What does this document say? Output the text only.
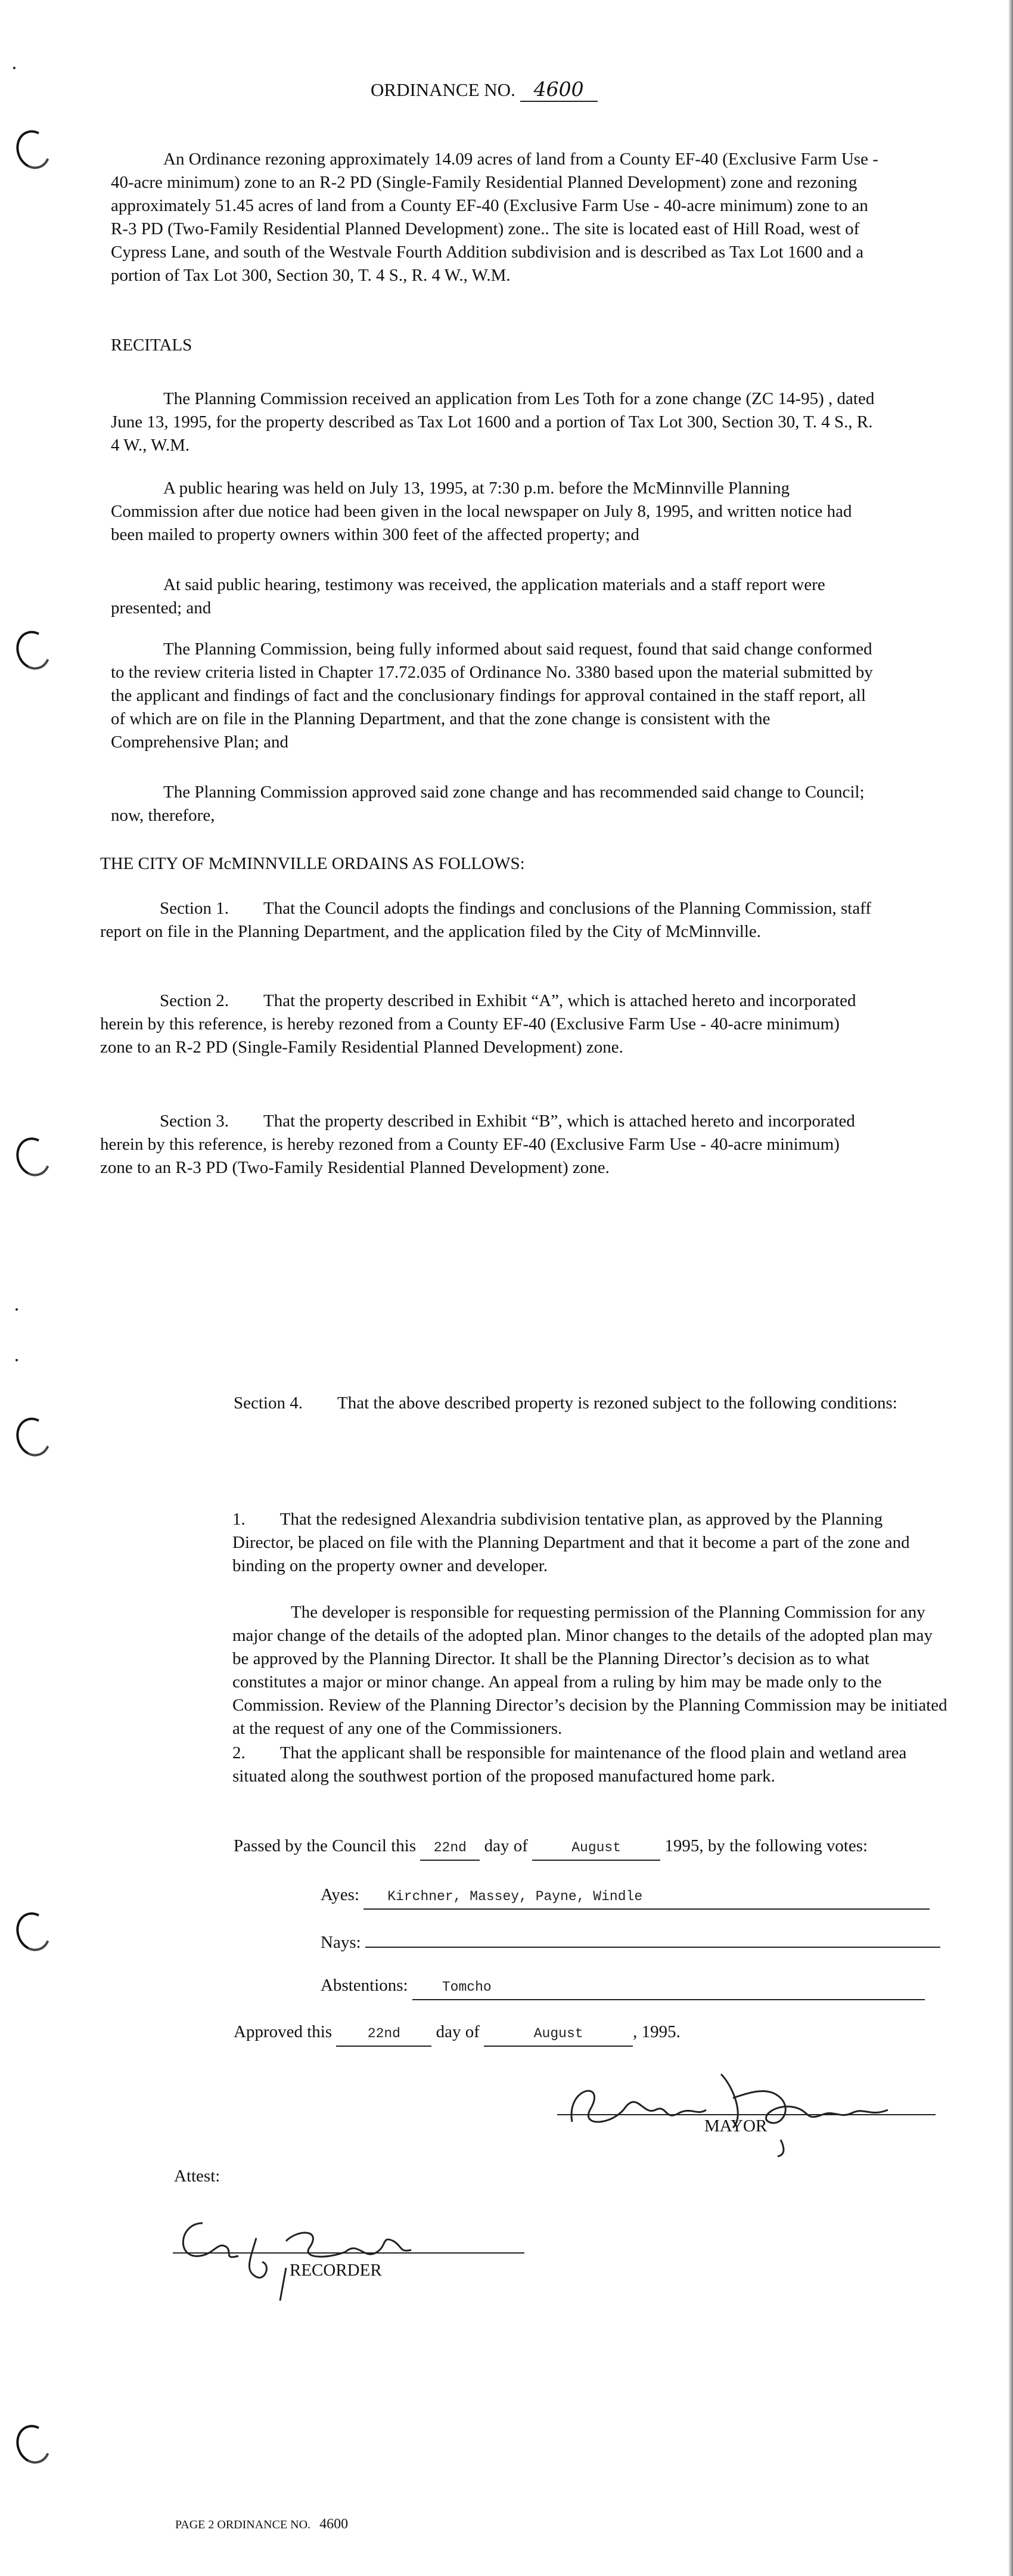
ORDINANCE NO. 4600

An Ordinance rezoning approximately 14.09 acres of land from a County EF-40 (Exclusive Farm Use - 40-acre minimum) zone to an R-2 PD (Single-Family Residential Planned Development) zone and rezoning approximately 51.45 acres of land from a County EF-40 (Exclusive Farm Use - 40-acre minimum) zone to an R-3 PD (Two-Family Residential Planned Development) zone.. The site is located east of Hill Road, west of Cypress Lane, and south of the Westvale Fourth Addition subdivision and is described as Tax Lot 1600 and a portion of Tax Lot 300, Section 30, T. 4 S., R. 4 W., W.M.

RECITALS

The Planning Commission received an application from Les Toth for a zone change (ZC 14-95) , dated June 13, 1995, for the property described as Tax Lot 1600 and a portion of Tax Lot 300, Section 30, T. 4 S., R. 4 W., W.M.

A public hearing was held on July 13, 1995, at 7:30 p.m. before the McMinnville Planning Commission after due notice had been given in the local newspaper on July 8, 1995, and written notice had been mailed to property owners within 300 feet of the affected property; and

At said public hearing, testimony was received, the application materials and a staff report were presented; and

The Planning Commission, being fully informed about said request, found that said change conformed to the review criteria listed in Chapter 17.72.035 of Ordinance No. 3380 based upon the material submitted by the applicant and findings of fact and the conclusionary findings for approval contained in the staff report, all of which are on file in the Planning Department, and that the zone change is consistent with the Comprehensive Plan; and

The Planning Commission approved said zone change and has recommended said change to Council; now, therefore,

THE CITY OF McMINNVILLE ORDAINS AS FOLLOWS:

Section 1. That the Council adopts the findings and conclusions of the Planning Commission, staff report on file in the Planning Department, and the application filed by the City of McMinnville.

Section 2. That the property described in Exhibit “A”, which is attached hereto and incorporated herein by this reference, is hereby rezoned from a County EF-40 (Exclusive Farm Use - 40-acre minimum) zone to an R-2 PD (Single-Family Residential Planned Development) zone.

Section 3. That the property described in Exhibit “B”, which is attached hereto and incorporated herein by this reference, is hereby rezoned from a County EF-40 (Exclusive Farm Use - 40-acre minimum) zone to an R-3 PD (Two-Family Residential Planned Development) zone.

Section 4. That the above described property is rezoned subject to the following conditions:

1. That the redesigned Alexandria subdivision tentative plan, as approved by the Planning Director, be placed on file with the Planning Department and that it become a part of the zone and binding on the property owner and developer.

The developer is responsible for requesting permission of the Planning Commission for any major change of the details of the adopted plan. Minor changes to the details of the adopted plan may be approved by the Planning Director. It shall be the Planning Director’s decision as to what constitutes a major or minor change. An appeal from a ruling by him may be made only to the Commission. Review of the Planning Director’s decision by the Planning Commission may be initiated at the request of any one of the Commissioners.

2. That the applicant shall be responsible for maintenance of the flood plain and wetland area situated along the southwest portion of the proposed manufactured home park.

Passed by the Council this 22nd day of	August	1995, by the following votes:
Ayes: Kirchner, Massey, Payne, Windle
Nays:
Abstentions: Tomcho
Approved this	22nd day of	August	, 1995.
MAYOR
Attest:
RECORDER
PAGE 2 ORDINANCE NO. 4600
